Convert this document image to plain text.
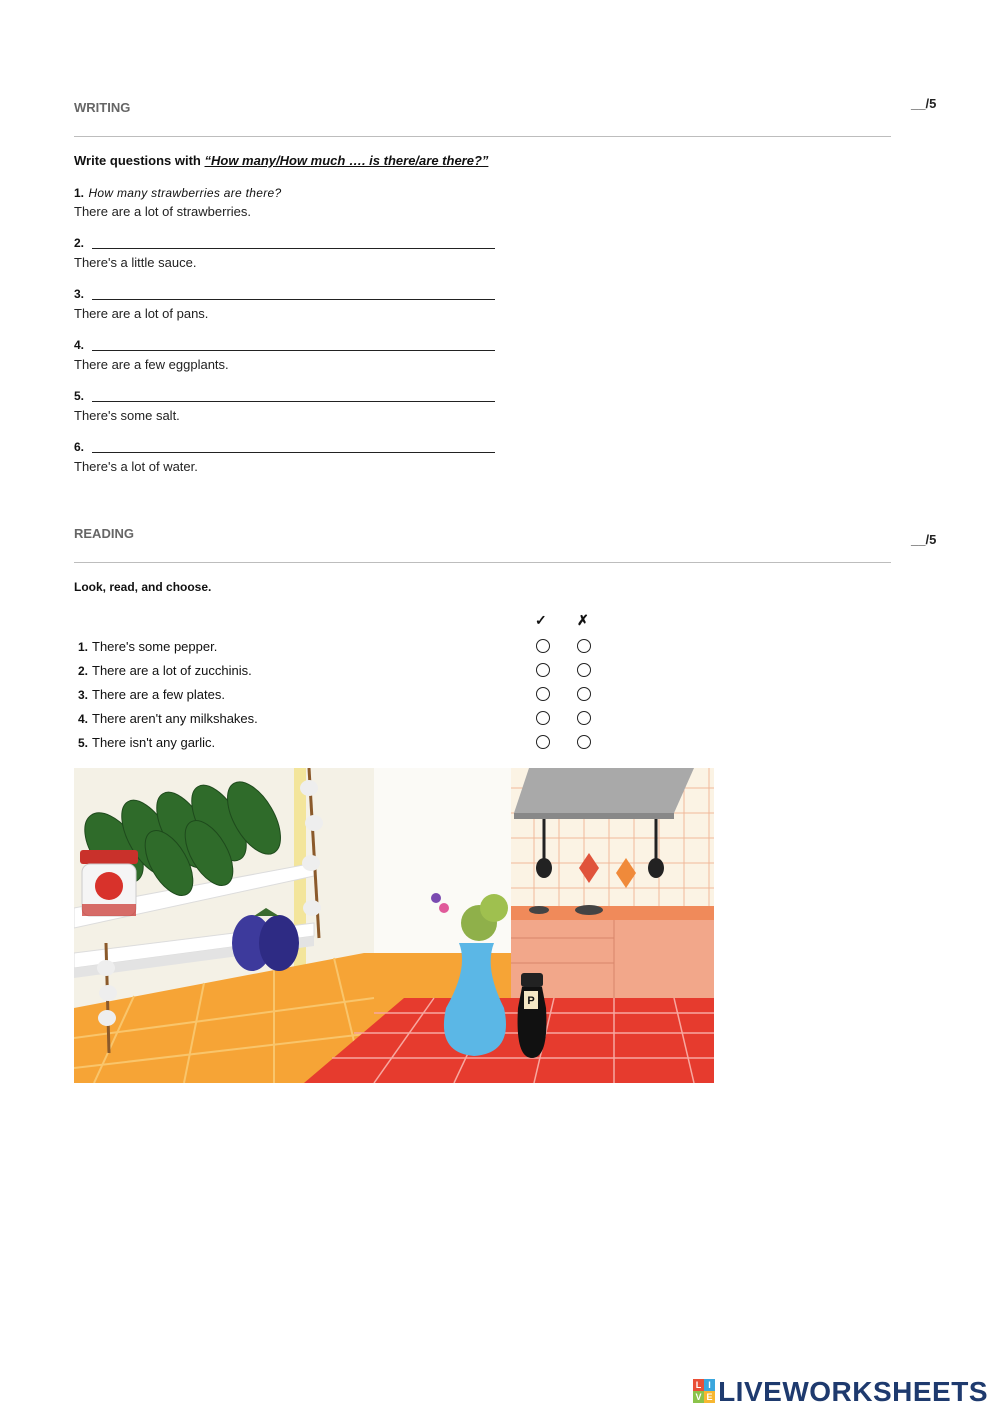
WRITING	__/5
Write questions with “How many/How much …. is there/are there?”
1. How many strawberries are there?
There are a lot of strawberries.
2.
There's a little sauce.
3.
There are a lot of pans.
4.
There are a few eggplants.
5.
There's some salt.
6.
There's a lot of water.
READING	__/5
Look, read, and choose.
✓ ✗
1. There's some pepper.
2. There are a lot of zucchinis.
3. There are a few plates.
4. There aren't any milkshakes.
5. There isn't any garlic.
P
L I
V E LIVEWORKSHEETS
